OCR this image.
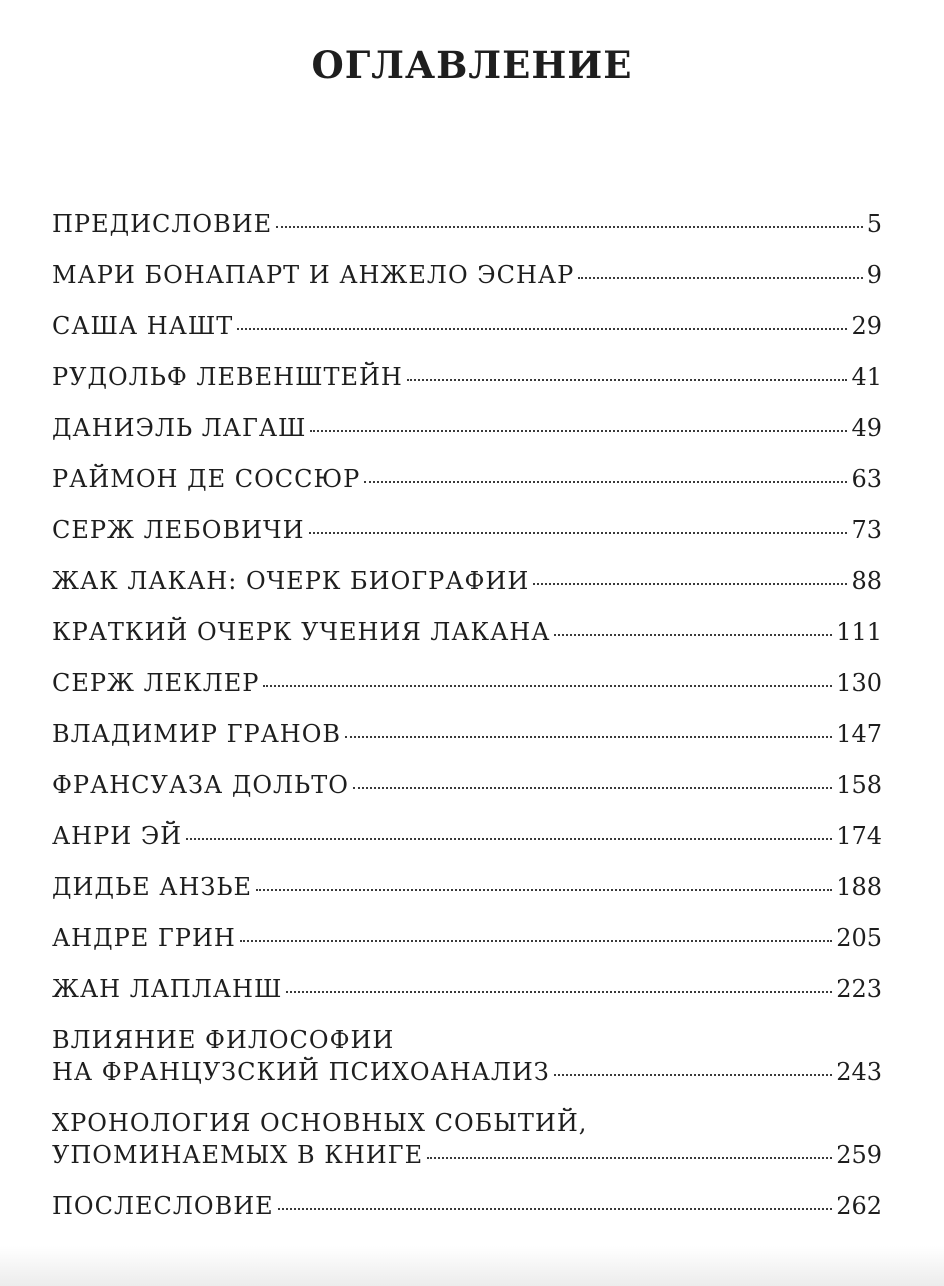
ОГЛАВЛЕНИЕ
ПРЕДИСЛОВИЕ	5
МАРИ БОНАПАРТ И АНЖЕЛО ЭСНАР	9
САША НАШТ	29
РУДОЛЬФ ЛЕВЕНШТЕЙН	41
ДАНИЭЛЬ ЛАГАШ	49
РАЙМОН ДЕ СОССЮР	63
СЕРЖ ЛЕБОВИЧИ	73
ЖАК ЛАКАН: ОЧЕРК БИОГРАФИИ	88
КРАТКИЙ ОЧЕРК УЧЕНИЯ ЛАКАНА	111
СЕРЖ ЛЕКЛЕР	130
ВЛАДИМИР ГРАНОВ	147
ФРАНСУАЗА ДОЛЬТО	158
АНРИ ЭЙ	174
ДИДЬЕ АНЗЬЕ	188
АНДРЕ ГРИН	205
ЖАН ЛАПЛАНШ	223
ВЛИЯНИЕ ФИЛОСОФИИ
НА ФРАНЦУЗСКИЙ ПСИХОАНАЛИЗ	243
ХРОНОЛОГИЯ ОСНОВНЫХ СОБЫТИЙ,
УПОМИНАЕМЫХ В КНИГЕ	259
ПОСЛЕСЛОВИЕ	262
